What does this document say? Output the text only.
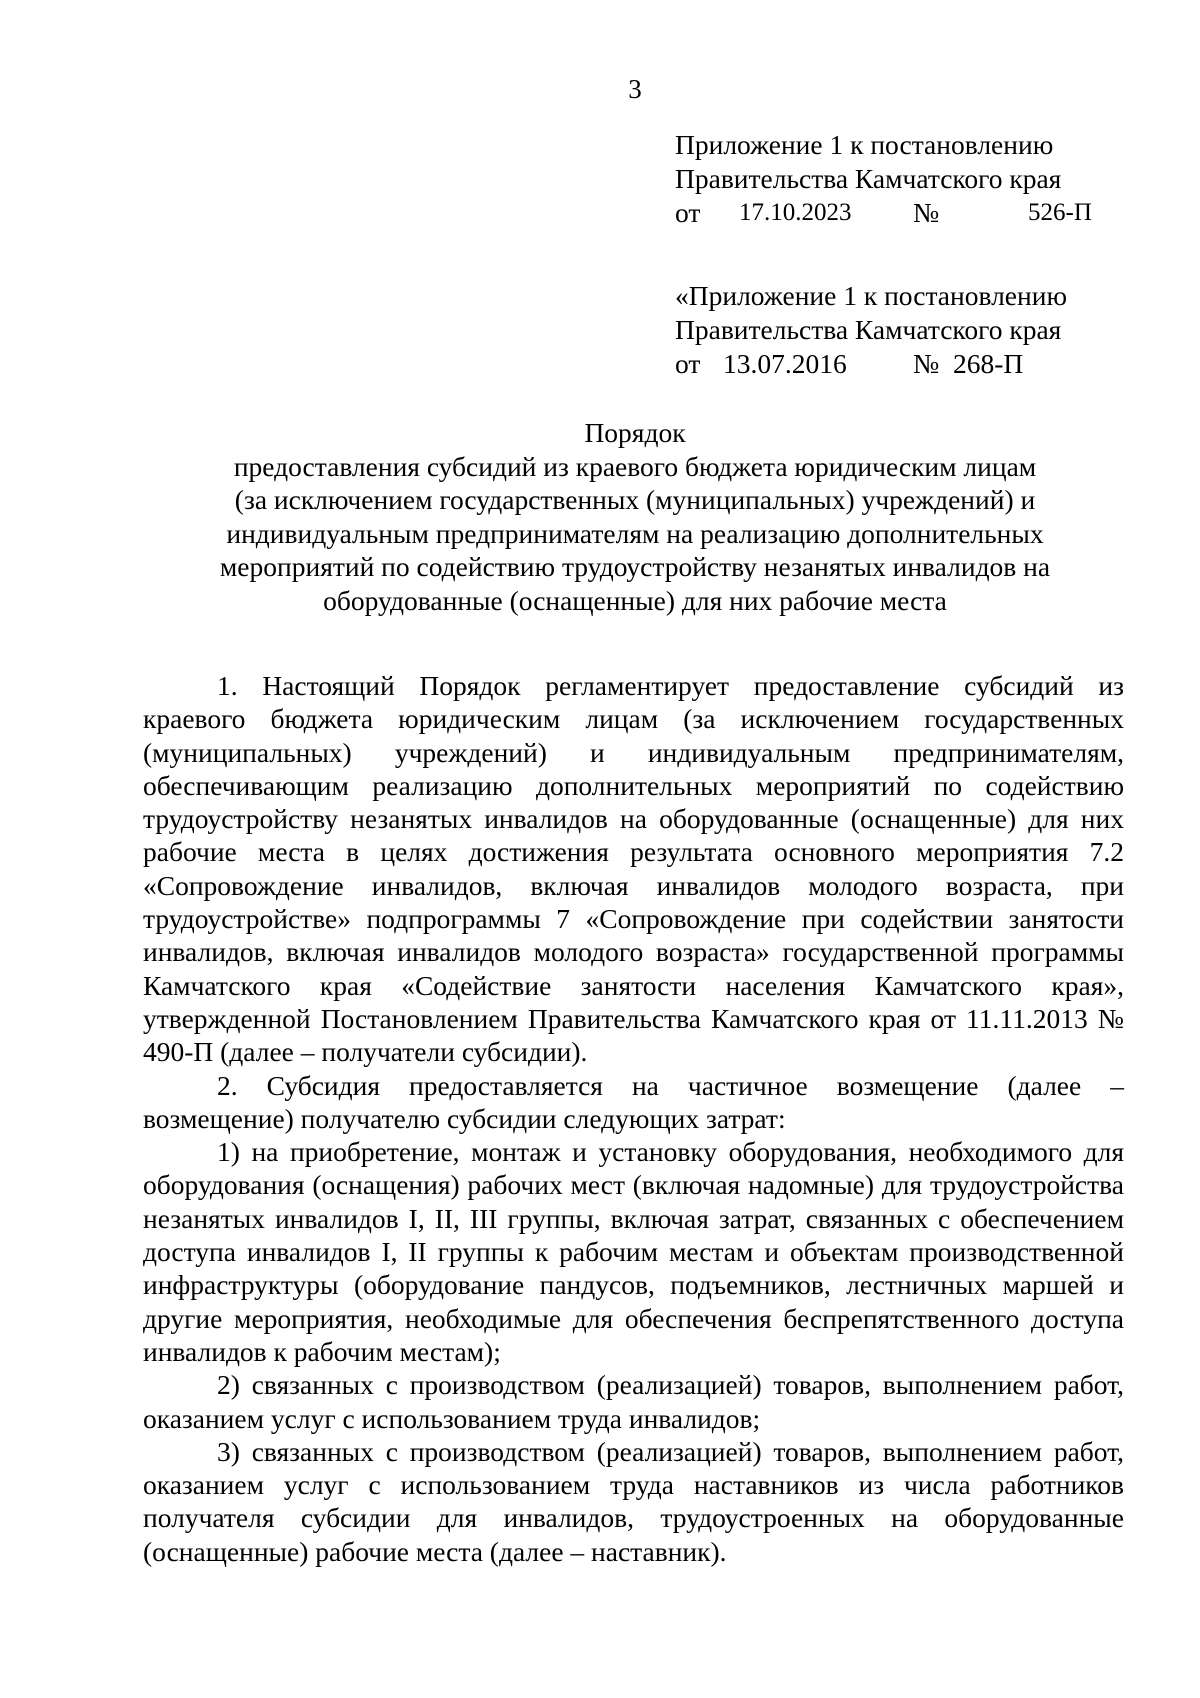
3
Приложение 1 к постановлению
Правительства Камчатского края
от 17.10.2023 №	526-П
«Приложение 1 к постановлению
Правительства Камчатского края
от 13.07.2016 № 268-П
Порядок
предоставления субсидий из краевого бюджета юридическим лицам
(за исключением государственных (муниципальных) учреждений) и
индивидуальным предпринимателям на реализацию дополнительных
мероприятий по содействию трудоустройству незанятых инвалидов на
оборудованные (оснащенные) для них рабочие места

1. Настоящий Порядок регламентирует предоставление субсидий из краевого бюджета юридическим лицам (за исключением государственных (муниципальных) учреждений) и индивидуальным предпринимателям, обеспечивающим реализацию дополнительных мероприятий по содействию трудоустройству незанятых инвалидов на оборудованные (оснащенные) для них рабочие места в целях достижения результата основного мероприятия 7.2 «Сопровождение инвалидов, включая инвалидов молодого возраста, при трудоустройстве» подпрограммы 7 «Сопровождение при содействии занятости инвалидов, включая инвалидов молодого возраста» государственной программы Камчатского края «Содействие занятости населения Камчатского края», утвержденной Постановлением Правительства Камчатского края от 11.11.2013 № 490-П (далее – получатели субсидии).

2. Субсидия предоставляется на частичное возмещение (далее – возмещение) получателю субсидии следующих затрат:

1) на приобретение, монтаж и установку оборудования, необходимого для оборудования (оснащения) рабочих мест (включая надомные) для трудоустройства незанятых инвалидов I, II, III группы, включая затрат, связанных с обеспечением доступа инвалидов I, II группы к рабочим местам и объектам производственной инфраструктуры (оборудование пандусов, подъемников, лестничных маршей и другие мероприятия, необходимые для обеспечения беспрепятственного доступа инвалидов к рабочим местам);

2) связанных с производством (реализацией) товаров, выполнением работ, оказанием услуг с использованием труда инвалидов;

3) связанных с производством (реализацией) товаров, выполнением работ, оказанием услуг с использованием труда наставников из числа работников получателя субсидии для инвалидов, трудоустроенных на оборудованные (оснащенные) рабочие места (далее – наставник).
